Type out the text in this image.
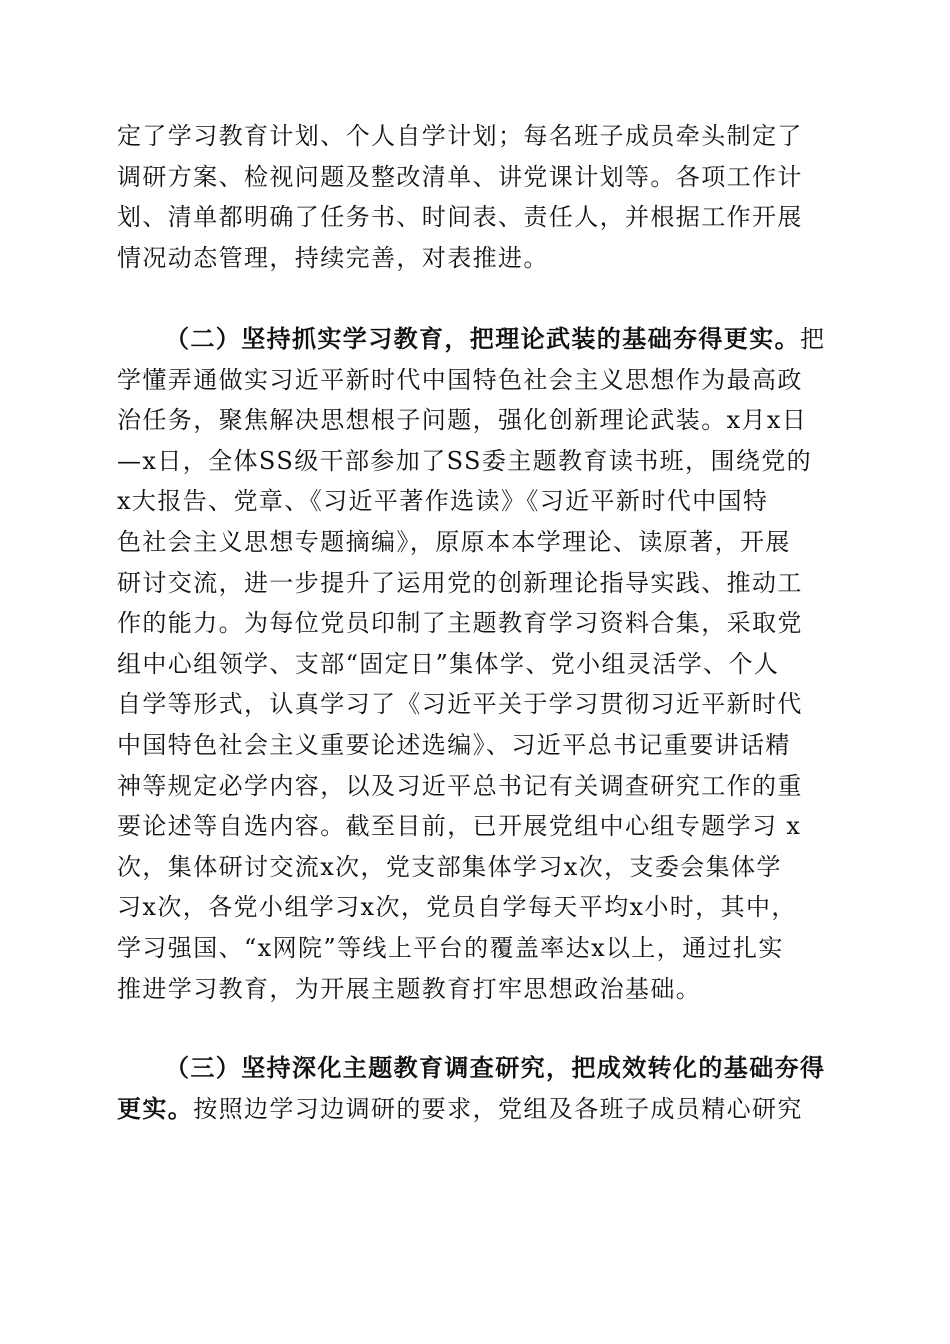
定了学习教育计划、个人自学计划；每名班子成员牵头制定了
调研方案、检视问题及整改清单、讲党课计划等。各项工作计
划、清单都明确了任务书、时间表、责任人，并根据工作开展
情况动态管理，持续完善，对表推进。
（二）坚持抓实学习教育，把理论武装的基础夯得更实。把
学懂弄通做实习近平新时代中国特色社会主义思想作为最高政
治任务，聚焦解决思想根子问题，强化创新理论武装。x月x日
—x日，全体SS级干部参加了SS委主题教育读书班，围绕党的
x大报告、党章、《习近平著作选读》《习近平新时代中国特
色社会主义思想专题摘编》，原原本本学理论、读原著，开展
研讨交流，进一步提升了运用党的创新理论指导实践、推动工
作的能力。为每位党员印制了主题教育学习资料合集，采取党
组中心组领学、支部“固定日”集体学、党小组灵活学、个人
自学等形式，认真学习了《习近平关于学习贯彻习近平新时代
中国特色社会主义重要论述选编》、习近平总书记重要讲话精
神等规定必学内容，以及习近平总书记有关调查研究工作的重
要论述等自选内容。截至目前，已开展党组中心组专题学习 x
次，集体研讨交流x次，党支部集体学习x次，支委会集体学
习x次，各党小组学习x次，党员自学每天平均x小时，其中，
学习强国、“x网院”等线上平台的覆盖率达x以上，通过扎实
推进学习教育，为开展主题教育打牢思想政治基础。
（三）坚持深化主题教育调查研究，把成效转化的基础夯得
更实。按照边学习边调研的要求，党组及各班子成员精心研究
